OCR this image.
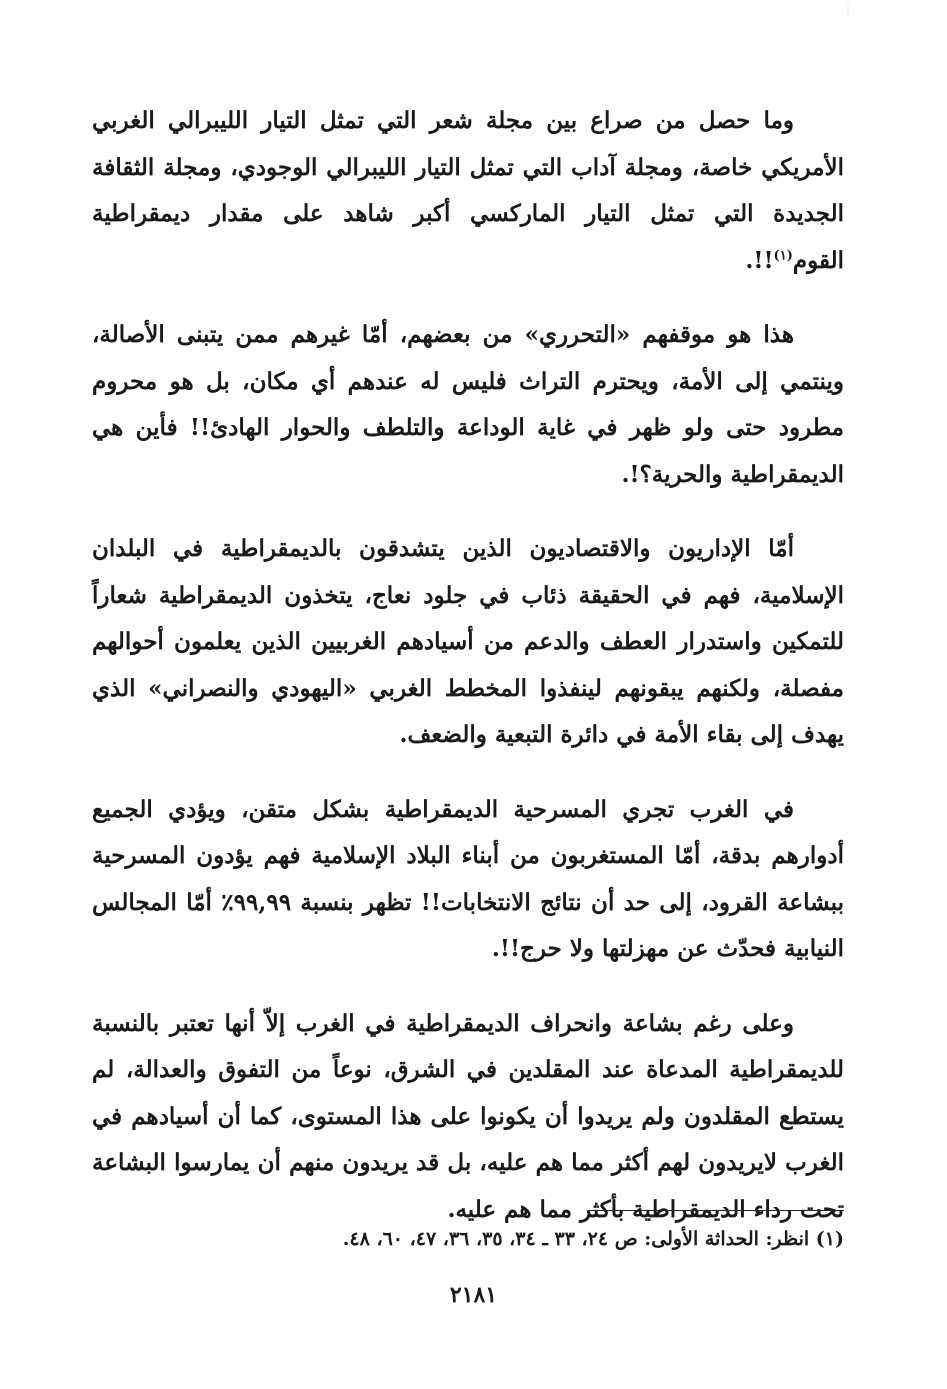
⋮

وما حصل من صراع بين مجلة شعر التي تمثل التيار الليبرالي الغربي الأمريكي خاصة، ومجلة آداب التي تمثل التيار الليبرالي الوجودي، ومجلة الثقافة الجديدة التي تمثل التيار الماركسي أكبر شاهد على مقدار ديمقراطية القوم$^{(١)}$!!.

هذا هو موقفهم «التحرري» من بعضهم، أمّا غيرهم ممن يتبنى الأصالة، وينتمي إلى الأمة، ويحترم التراث فليس له عندهم أي مكان، بل هو محروم مطرود حتى ولو ظهر في غاية الوداعة والتلطف والحوار الهادئ!! فأين هي الديمقراطية والحرية؟!.

أمّا الإداريون والاقتصاديون الذين يتشدقون بالديمقراطية في البلدان الإسلامية، فهم في الحقيقة ذئاب في جلود نعاج، يتخذون الديمقراطية شعاراً للتمكين واستدرار العطف والدعم من أسيادهم الغربيين الذين يعلمون أحوالهم مفصلة، ولكنهم يبقونهم لينفذوا المخطط الغربي «اليهودي والنصراني» الذي يهدف إلى بقاء الأمة في دائرة التبعية والضعف.

في الغرب تجري المسرحية الديمقراطية بشكل متقن، ويؤدي الجميع أدوارهم بدقة، أمّا المستغربون من أبناء البلاد الإسلامية فهم يؤدون المسرحية ببشاعة القرود، إلى حد أن نتائج الانتخابات!! تظهر بنسبة ٩٩,٩٩٪ أمّا المجالس النيابية فحدّث عن مهزلتها ولا حرج!!.

وعلى رغم بشاعة وانحراف الديمقراطية في الغرب إلاّ أنها تعتبر بالنسبة للديمقراطية المدعاة عند المقلدين في الشرق، نوعاً من التفوق والعدالة، لم يستطع المقلدون ولم يريدوا أن يكونوا على هذا المستوى، كما أن أسيادهم في الغرب لايريدون لهم أكثر مما هم عليه، بل قد يريدون منهم أن يمارسوا البشاعة تحت رداء الديمقراطية بأكثر مما هم عليه.

(١) انظر: الحداثة الأولى: ص ٢٤، ٣٣ ـ ٣٤، ٣٥، ٣٦، ٤٧، ٦٠، ٤٨.
٢١٨١
